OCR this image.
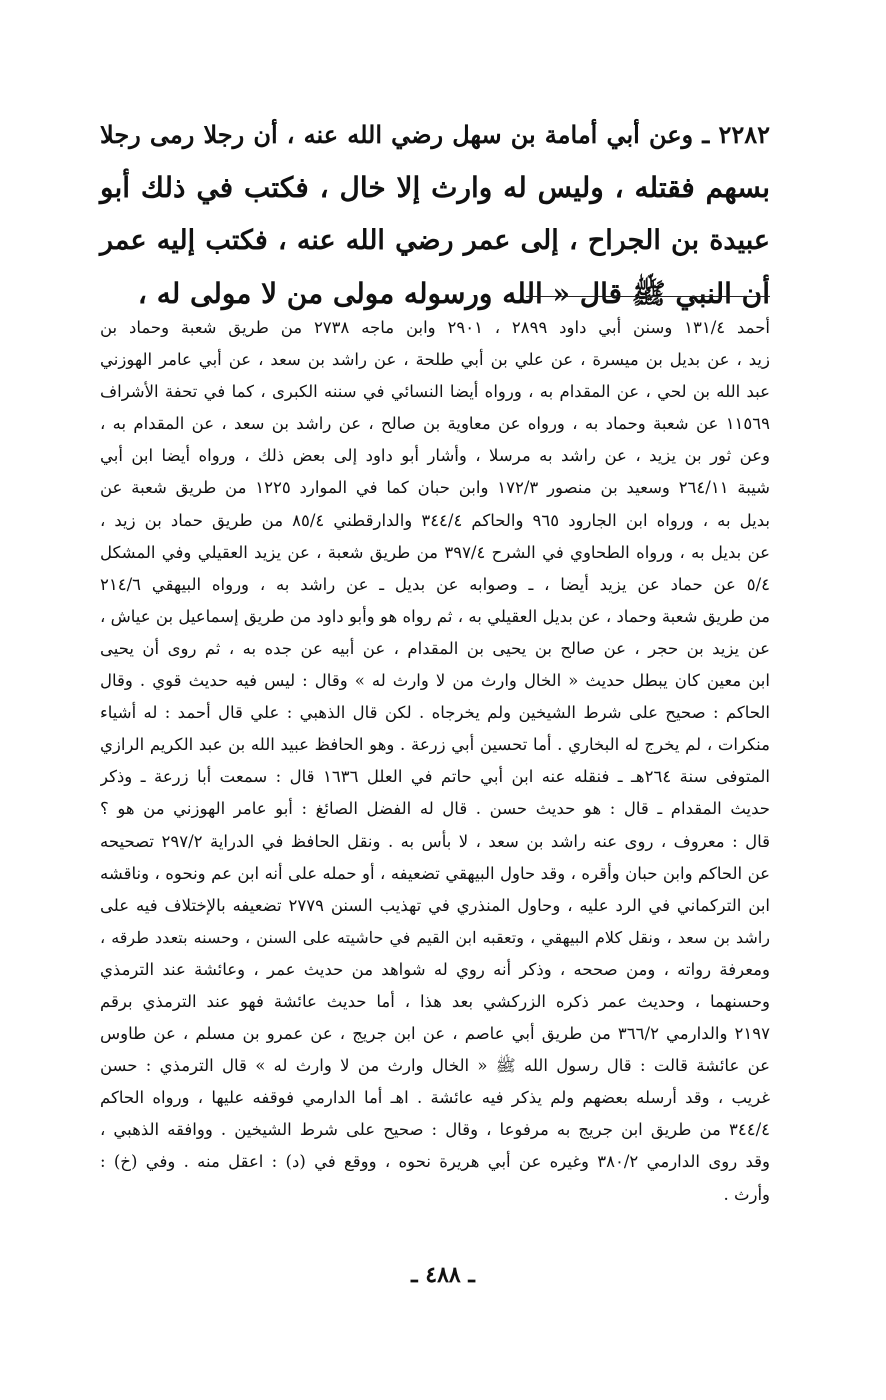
٢٢٨٢ ـ وعن أبي أمامة بن سهل رضي الله عنه ، أن رجلا رمى رجلا
بسهم فقتله ، وليس له وارث إلا خال ، فكتب في ذلك أبو
عبيدة بن الجراح ، إلى عمر رضي الله عنه ، فكتب إليه عمر
أن النبي ﷺ قال « الله ورسوله مولى من لا مولى له ،
أحمد ١٣١/٤ وسنن أبي داود ٢٨٩٩ ، ٢٩٠١ وابن ماجه ٢٧٣٨ من طريق شعبة وحماد بن
زيد ، عن بديل بن ميسرة ، عن علي بن أبي طلحة ، عن راشد بن سعد ، عن أبي عامر الهوزني
عبد الله بن لحي ، عن المقدام به ، ورواه أيضا النسائي في سننه الكبرى ، كما في تحفة الأشراف
١١٥٦٩ عن شعبة وحماد به ، ورواه عن معاوية بن صالح ، عن راشد بن سعد ، عن المقدام به ،
وعن ثور بن يزيد ، عن راشد به مرسلا ، وأشار أبو داود إلى بعض ذلك ، ورواه أيضا ابن أبي
شيبة ٢٦٤/١١ وسعيد بن منصور ١٧٢/٣ وابن حبان كما في الموارد ١٢٢٥ من طريق شعبة عن
بديل به ، ورواه ابن الجارود ٩٦٥ والحاكم ٣٤٤/٤ والدارقطني ٨٥/٤ من طريق حماد بن زيد ،
عن بديل به ، ورواه الطحاوي في الشرح ٣٩٧/٤ من طريق شعبة ، عن يزيد العقيلي وفي المشكل
٥/٤ عن حماد عن يزيد أيضا ، ـ وصوابه عن بديل ـ عن راشد به ، ورواه البيهقي ٢١٤/٦
من طريق شعبة وحماد ، عن بديل العقيلي به ، ثم رواه هو وأبو داود من طريق إسماعيل بن عياش ،
عن يزيد بن حجر ، عن صالح بن يحيى بن المقدام ، عن أبيه عن جده به ، ثم روى أن يحيى
ابن معين كان يبطل حديث « الخال وارث من لا وارث له » وقال : ليس فيه حديث قوي . وقال
الحاكم : صحيح على شرط الشيخين ولم يخرجاه . لكن قال الذهبي : علي قال أحمد : له أشياء
منكرات ، لم يخرج له البخاري . أما تحسين أبي زرعة . وهو الحافظ عبيد الله بن عبد الكريم الرازي
المتوفى سنة ٢٦٤هـ ـ فنقله عنه ابن أبي حاتم في العلل ١٦٣٦ قال : سمعت أبا زرعة ـ وذكر
حديث المقدام ـ قال : هو حديث حسن . قال له الفضل الصائغ : أبو عامر الهوزني من هو ؟
قال : معروف ، روى عنه راشد بن سعد ، لا بأس به . ونقل الحافظ في الدراية ٢٩٧/٢ تصحيحه
عن الحاكم وابن حبان وأقره ، وقد حاول البيهقي تضعيفه ، أو حمله على أنه ابن عم ونحوه ، وناقشه
ابن التركماني في الرد عليه ، وحاول المنذري في تهذيب السنن ٢٧٧٩ تضعيفه بالإختلاف فيه على
راشد بن سعد ، ونقل كلام البيهقي ، وتعقبه ابن القيم في حاشيته على السنن ، وحسنه بتعدد طرقه ،
ومعرفة رواته ، ومن صححه ، وذكر أنه روي له شواهد من حديث عمر ، وعائشة عند الترمذي
وحسنهما ، وحديث عمر ذكره الزركشي بعد هذا ، أما حديث عائشة فهو عند الترمذي برقم
٢١٩٧ والدارمي ٣٦٦/٢ من طريق أبي عاصم ، عن ابن جريج ، عن عمرو بن مسلم ، عن طاوس
عن عائشة قالت : قال رسول الله ﷺ « الخال وارث من لا وارث له » قال الترمذي : حسن
غريب ، وقد أرسله بعضهم ولم يذكر فيه عائشة . اهـ أما الدارمي فوقفه عليها ، ورواه الحاكم
٣٤٤/٤ من طريق ابن جريج به مرفوعا ، وقال : صحيح على شرط الشيخين . ووافقه الذهبي ،
وقد روى الدارمي ٣٨٠/٢ وغيره عن أبي هريرة نحوه ، ووقع في (د) : اعقل منه . وفي (خ) :
وأرث .
ـ ٤٨٨ ـ
